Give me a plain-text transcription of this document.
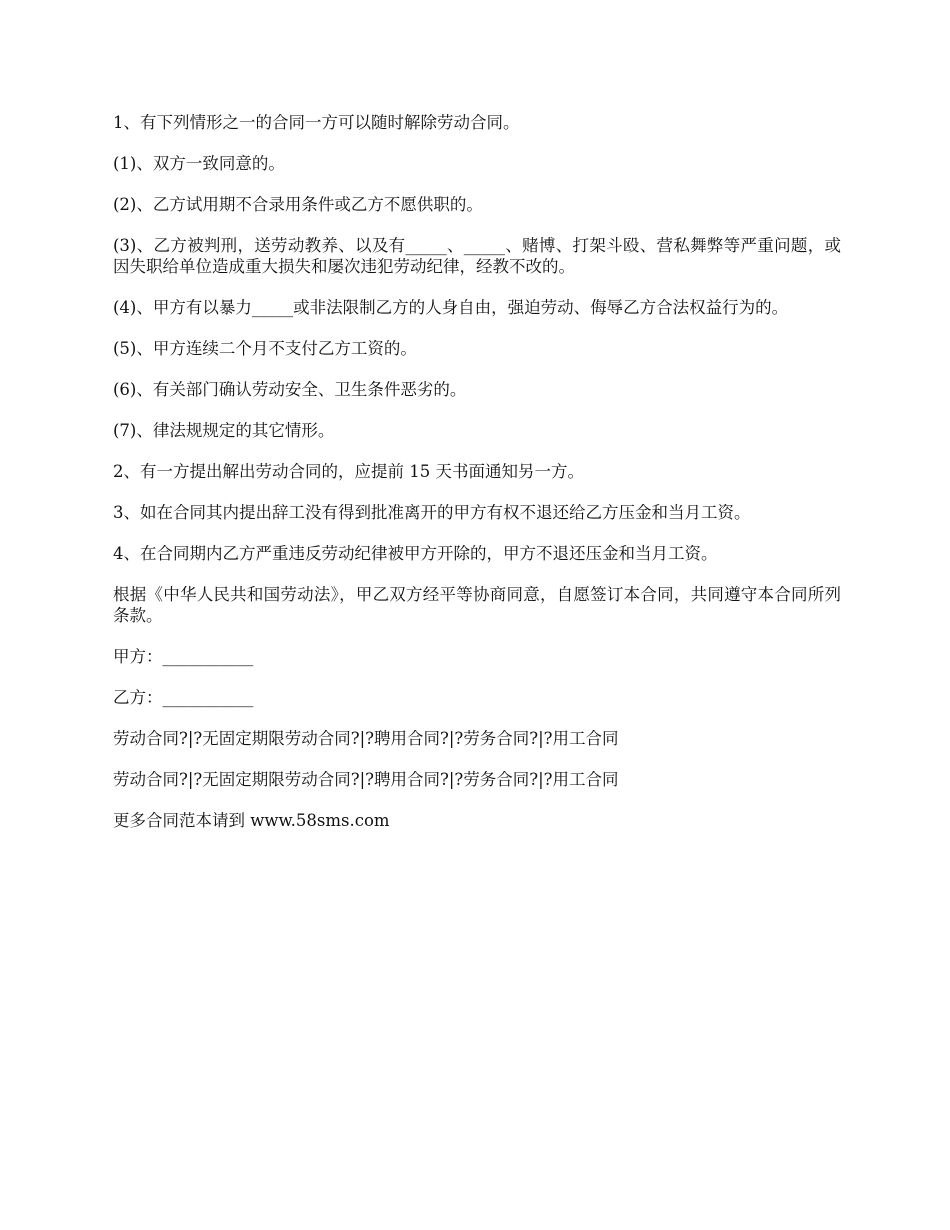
1、有下列情形之一的合同一方可以随时解除劳动合同。

(1)、双方一致同意的。

(2)、乙方试用期不合录用条件或乙方不愿供职的。

(3)、乙方被判刑，送劳动教养、以及有_____、_____、赌博、打架斗殴、营私舞弊等严重问题，或因失职给单位造成重大损失和屡次违犯劳动纪律，经教不改的。

(4)、甲方有以暴力_____或非法限制乙方的人身自由，强迫劳动、侮辱乙方合法权益行为的。

(5)、甲方连续二个月不支付乙方工资的。

(6)、有关部门确认劳动安全、卫生条件恶劣的。

(7)、律法规规定的其它情形。

2、有一方提出解出劳动合同的，应提前 15 天书面通知另一方。

3、如在合同其内提出辞工没有得到批准离开的甲方有权不退还给乙方压金和当月工资。

4、在合同期内乙方严重违反劳动纪律被甲方开除的，甲方不退还压金和当月工资。

根据《中华人民共和国劳动法》，甲乙双方经平等协商同意，自愿签订本合同，共同遵守本合同所列条款。

甲方：___________

乙方：___________

劳动合同?|?无固定期限劳动合同?|?聘用合同?|?劳务合同?|?用工合同

劳动合同?|?无固定期限劳动合同?|?聘用合同?|?劳务合同?|?用工合同

更多合同范本请到 www.58sms.com
